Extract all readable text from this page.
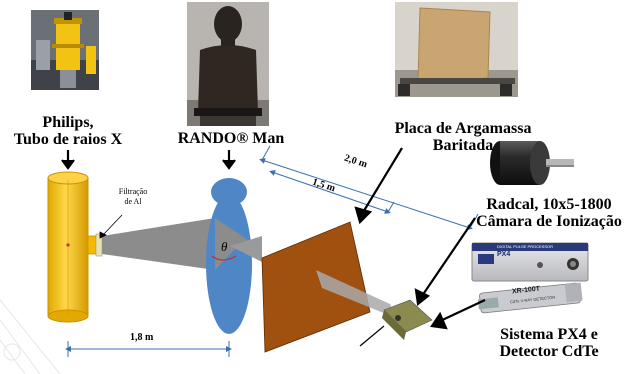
Philips,
Tubo de raios X	RANDO® Man
Placa de Argamassa
Baritada
Radcal, 10x5-1800
Câmara de Ionização
Sistema PX4 e
Detector CdTe
Filtração
de Al
θ
2,0 m
1,5 m
1,8 m
PX4
DIGITAL PULSE PROCESSOR
XR-100T
CdTe X-RAY DETECTOR
